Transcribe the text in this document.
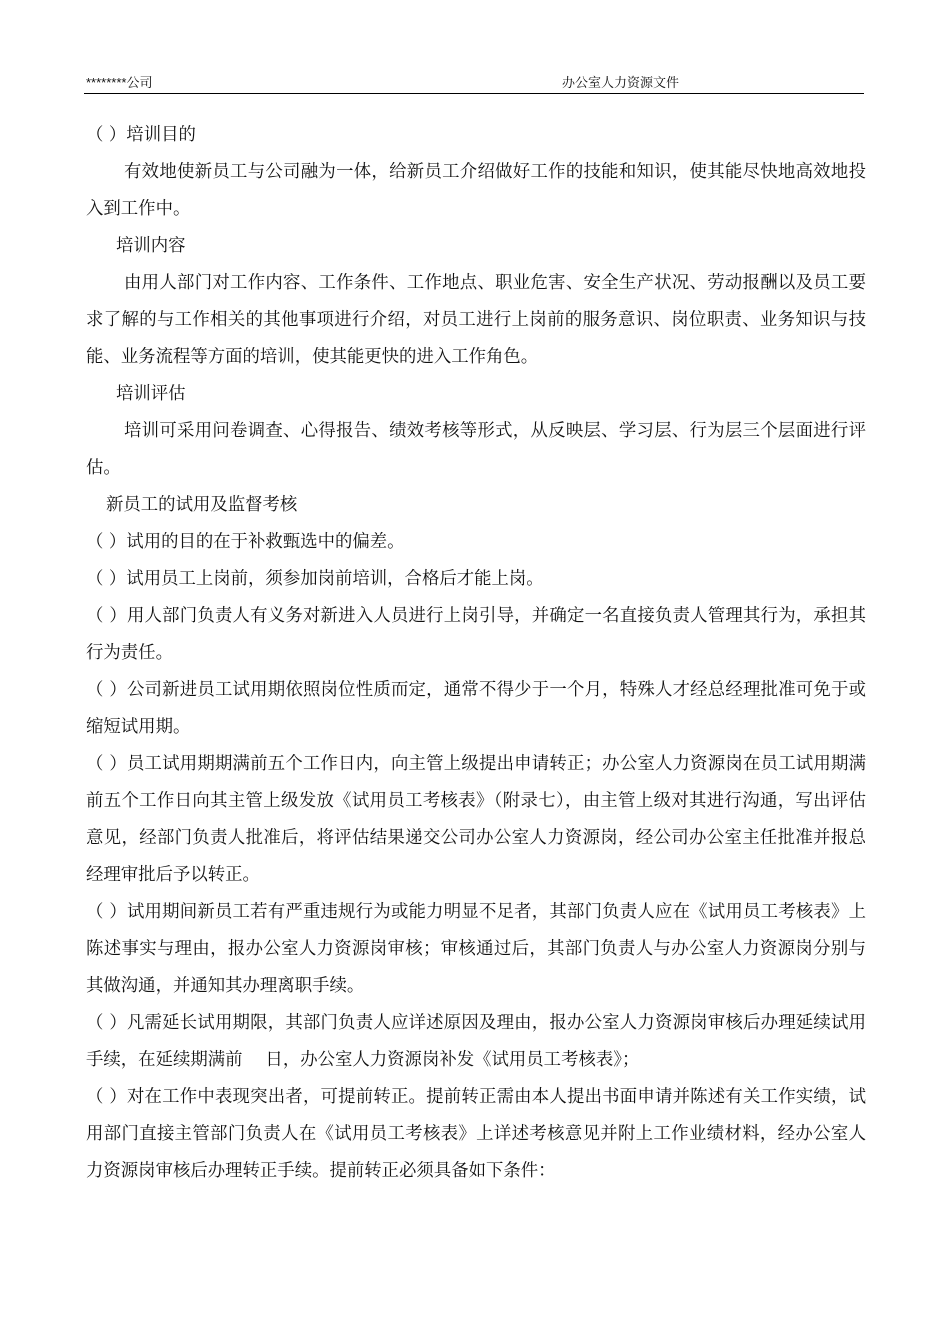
********公司	办公室人力资源文件

（ ）培训目的

有效地使新员工与公司融为一体，给新员工介绍做好工作的技能和知识，使其能尽快地高效地投入到工作中。

培训内容

由用人部门对工作内容、工作条件、工作地点、职业危害、安全生产状况、劳动报酬以及员工要求了解的与工作相关的其他事项进行介绍，对员工进行上岗前的服务意识、岗位职责、业务知识与技能、业务流程等方面的培训，使其能更快的进入工作角色。

培训评估

培训可采用问卷调查、心得报告、绩效考核等形式，从反映层、学习层、行为层三个层面进行评估。

新员工的试用及监督考核

（ ）试用的目的在于补救甄选中的偏差。

（ ）试用员工上岗前，须参加岗前培训，合格后才能上岗。

（ ）用人部门负责人有义务对新进入人员进行上岗引导，并确定一名直接负责人管理其行为，承担其行为责任。

（ ）公司新进员工试用期依照岗位性质而定，通常不得少于一个月，特殊人才经总经理批准可免于或缩短试用期。

（ ）员工试用期期满前五个工作日内，向主管上级提出申请转正；办公室人力资源岗在员工试用期满前五个工作日向其主管上级发放《试用员工考核表》（附录七），由主管上级对其进行沟通，写出评估意见，经部门负责人批准后，将评估结果递交公司办公室人力资源岗，经公司办公室主任批准并报总经理审批后予以转正。

（ ）试用期间新员工若有严重违规行为或能力明显不足者，其部门负责人应在《试用员工考核表》上陈述事实与理由，报办公室人力资源岗审核；审核通过后，其部门负责人与办公室人力资源岗分别与其做沟通，并通知其办理离职手续。

（ ）凡需延长试用期限，其部门负责人应详述原因及理由，报办公室人力资源岗审核后办理延续试用手续，在延续期满前　 日，办公室人力资源岗补发《试用员工考核表》；

（ ）对在工作中表现突出者，可提前转正。提前转正需由本人提出书面申请并陈述有关工作实绩，试用部门直接主管部门负责人在《试用员工考核表》上详述考核意见并附上工作业绩材料，经办公室人力资源岗审核后办理转正手续。提前转正必须具备如下条件：
